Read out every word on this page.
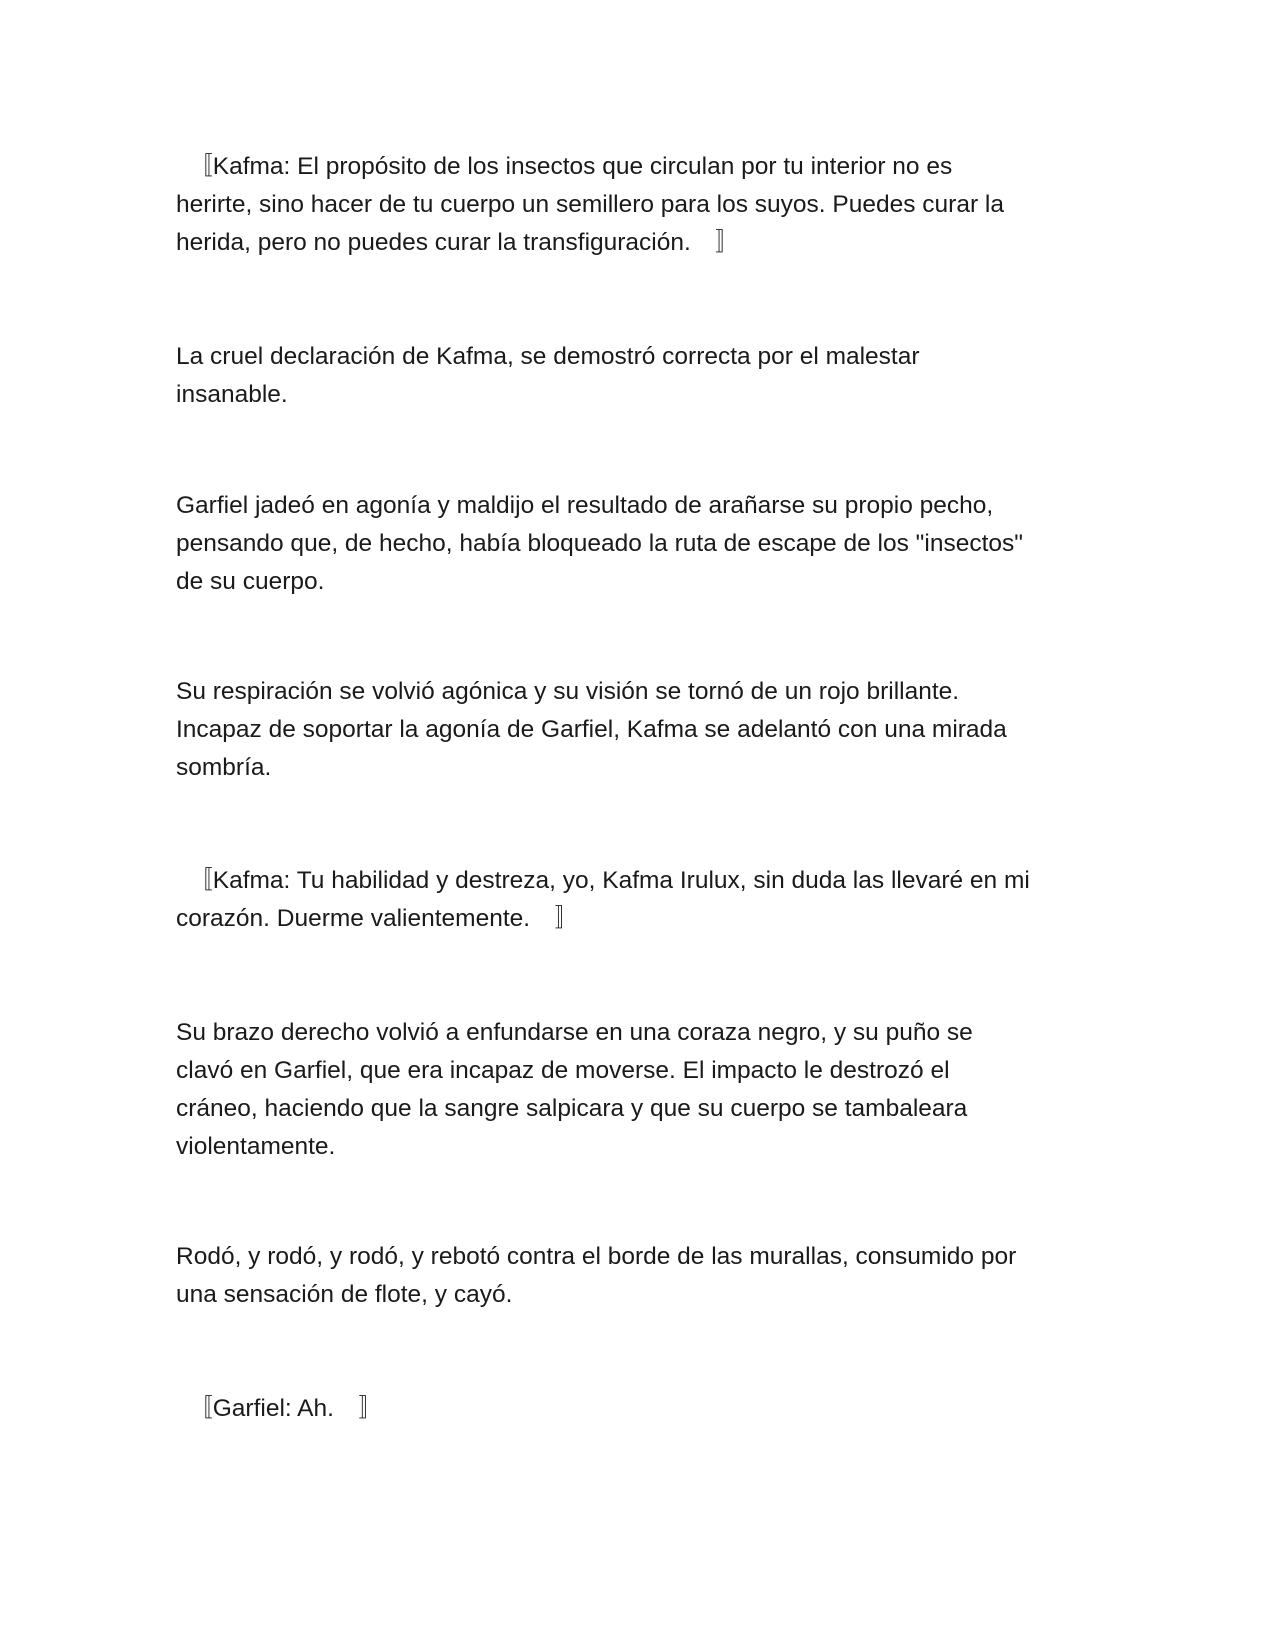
　〚Kafma: El propósito de los insectos que circulan por tu interior no es
herirte, sino hacer de tu cuerpo un semillero para los suyos. Puedes curar la
herida, pero no puedes curar la transfiguración.　〛

La cruel declaración de Kafma, se demostró correcta por el malestar
insanable.

Garfiel jadeó en agonía y maldijo el resultado de arañarse su propio pecho,
pensando que, de hecho, había bloqueado la ruta de escape de los "insectos"
de su cuerpo.

Su respiración se volvió agónica y su visión se tornó de un rojo brillante.
Incapaz de soportar la agonía de Garfiel, Kafma se adelantó con una mirada
sombría.

　〚Kafma: Tu habilidad y destreza, yo, Kafma Irulux, sin duda las llevaré en mi
corazón. Duerme valientemente.　〛

Su brazo derecho volvió a enfundarse en una coraza negro, y su puño se
clavó en Garfiel, que era incapaz de moverse. El impacto le destrozó el
cráneo, haciendo que la sangre salpicara y que su cuerpo se tambaleara
violentamente.

Rodó, y rodó, y rodó, y rebotó contra el borde de las murallas, consumido por
una sensación de flote, y cayó.

　〚Garfiel: Ah.　〛
